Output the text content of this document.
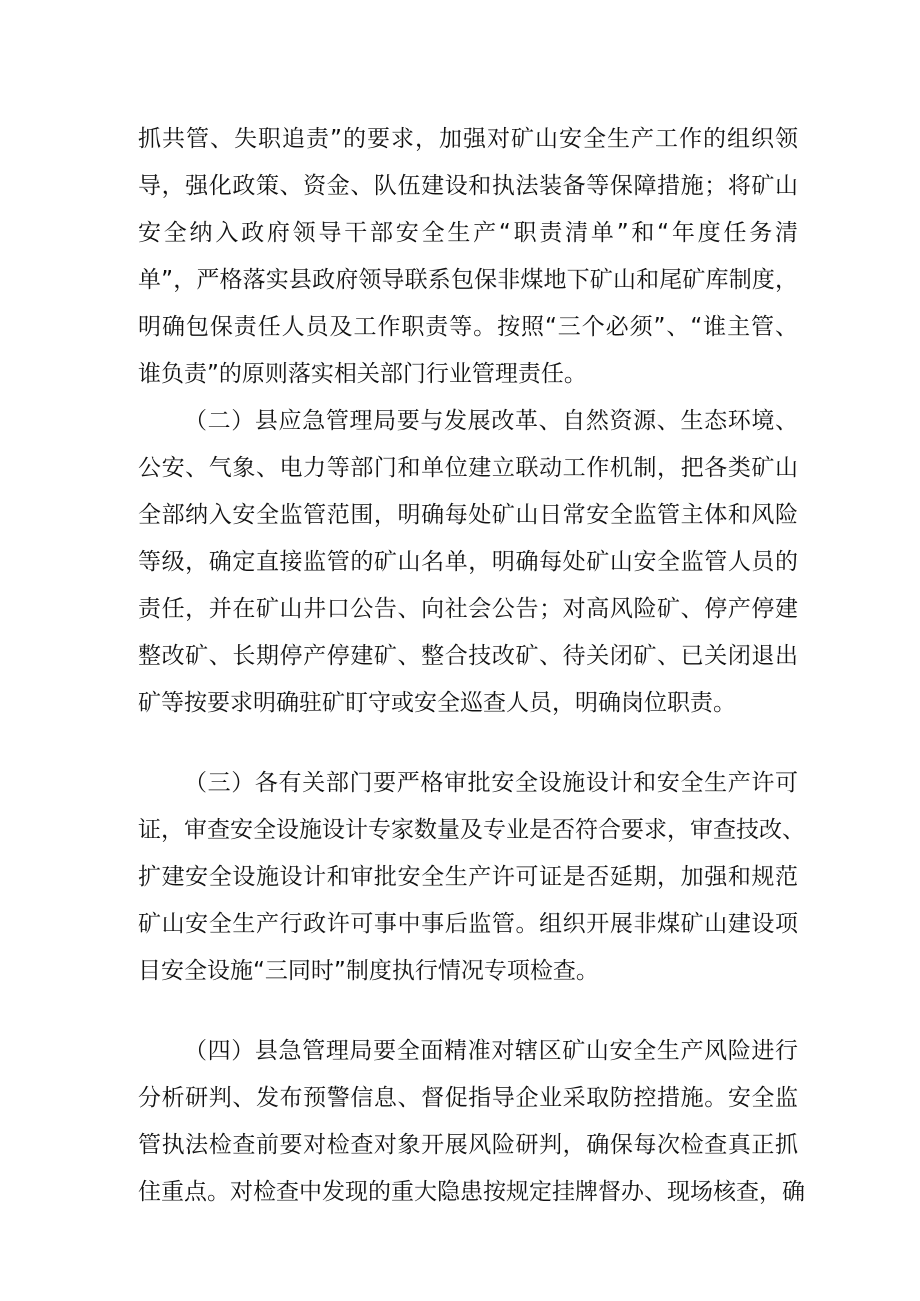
抓共管、失职追责”的要求，加强对矿山安全生产工作的组织领
导，强化政策、资金、队伍建设和执法装备等保障措施；将矿山
安全纳入政府领导干部安全生产“职责清单”和“年度任务清
单”，严格落实县政府领导联系包保非煤地下矿山和尾矿库制度，
明确包保责任人员及工作职责等。按照“三个必须”、“谁主管、
谁负责”的原则落实相关部门行业管理责任。
（二）县应急管理局要与发展改革、自然资源、生态环境、
公安、气象、电力等部门和单位建立联动工作机制，把各类矿山
全部纳入安全监管范围，明确每处矿山日常安全监管主体和风险
等级，确定直接监管的矿山名单，明确每处矿山安全监管人员的
责任，并在矿山井口公告、向社会公告；对高风险矿、停产停建
整改矿、长期停产停建矿、整合技改矿、待关闭矿、已关闭退出
矿等按要求明确驻矿盯守或安全巡查人员，明确岗位职责。
（三）各有关部门要严格审批安全设施设计和安全生产许可
证，审查安全设施设计专家数量及专业是否符合要求，审查技改、
扩建安全设施设计和审批安全生产许可证是否延期，加强和规范
矿山安全生产行政许可事中事后监管。组织开展非煤矿山建设项
目安全设施“三同时”制度执行情况专项检查。
（四）县急管理局要全面精准对辖区矿山安全生产风险进行
分析研判、发布预警信息、督促指导企业采取防控措施。安全监
管执法检查前要对检查对象开展风险研判，确保每次检查真正抓
住重点。对检查中发现的重大隐患按规定挂牌督办、现场核查，确
